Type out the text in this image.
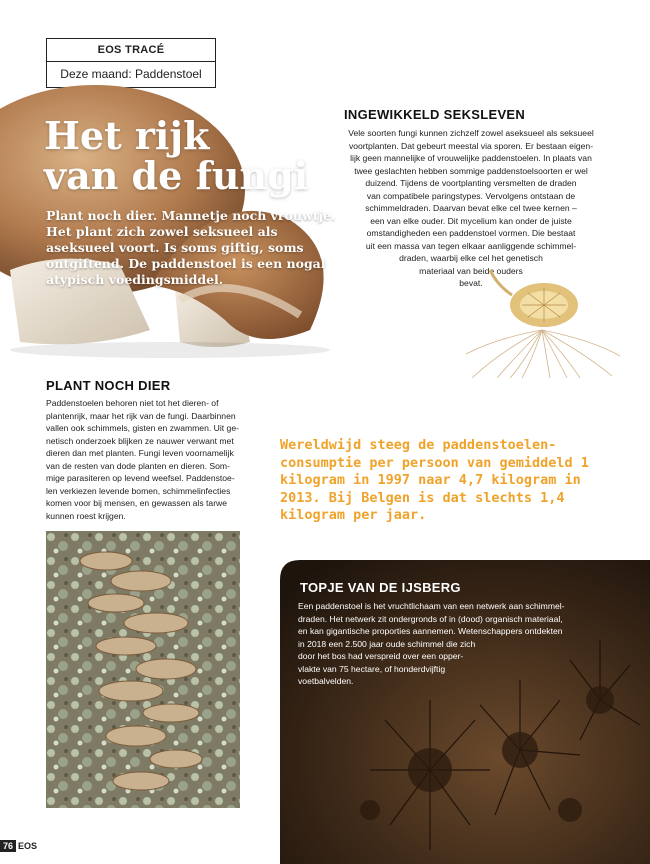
EOS TRACÉ
Deze maand: Paddenstoel
Het rijk
van de fungi
Plant noch dier. Mannetje noch vrouwtje. Het plant zich zowel seksueel als aseksueel voort. Is soms giftig, soms ontgiftend. De paddenstoel is een nogal atypisch voedingsmiddel.
INGEWIKKELD SEKSLEVEN
Vele soorten fungi kunnen zichzelf zowel aseksueel als seksueel
voortplanten. Dat gebeurt meestal via sporen. Er bestaan eigen-
lijk geen mannelijke of vrouwelijke paddenstoelen. In plaats van
twee geslachten hebben sommige paddenstoelsoorten er wel
duizend. Tijdens de voortplanting versmelten de draden
van compatibele paringstypes. Vervolgens ontstaan de
schimmeldraden. Daarvan bevat elke cel twee kernen –
een van elke ouder. Dit mycelium kan onder de juiste
omstandigheden een paddenstoel vormen. Die bestaat
uit een massa van tegen elkaar aanliggende schimmel-
draden, waarbij elke cel het genetisch
materiaal van beide ouders
bevat.
PLANT NOCH DIER
Paddenstoelen behoren niet tot het dieren- of
plantenrijk, maar het rijk van de fungi. Daarbinnen
vallen ook schimmels, gisten en zwammen. Uit ge-
netisch onderzoek blijken ze nauwer verwant met
dieren dan met planten. Fungi leven voornamelijk
van de resten van dode planten en dieren. Som-
mige parasiteren op levend weefsel. Paddenstoe-
len verkiezen levende bomen, schimmelinfecties
komen voor bij mensen, en gewassen als tarwe
kunnen roest krijgen.
Wereldwijd steeg de paddenstoelen-consumptie per persoon van gemiddeld 1 kilogram in 1997 naar 4,7 kilogram in 2013. Bij Belgen is dat slechts 1,4 kilogram per jaar.
TOPJE VAN DE IJSBERG
Een paddenstoel is het vruchtlichaam van een netwerk aan schimmel-
draden. Het netwerk zit ondergronds of in (dood) organisch materiaal,
en kan gigantische proporties aannemen. Wetenschappers ontdekten
in 2018 een 2.500 jaar oude schimmel die zich
door het bos had verspreid over een opper-
vlakte van 75 hectare, of honderdvijftig
voetbalvelden.
76 EOS
